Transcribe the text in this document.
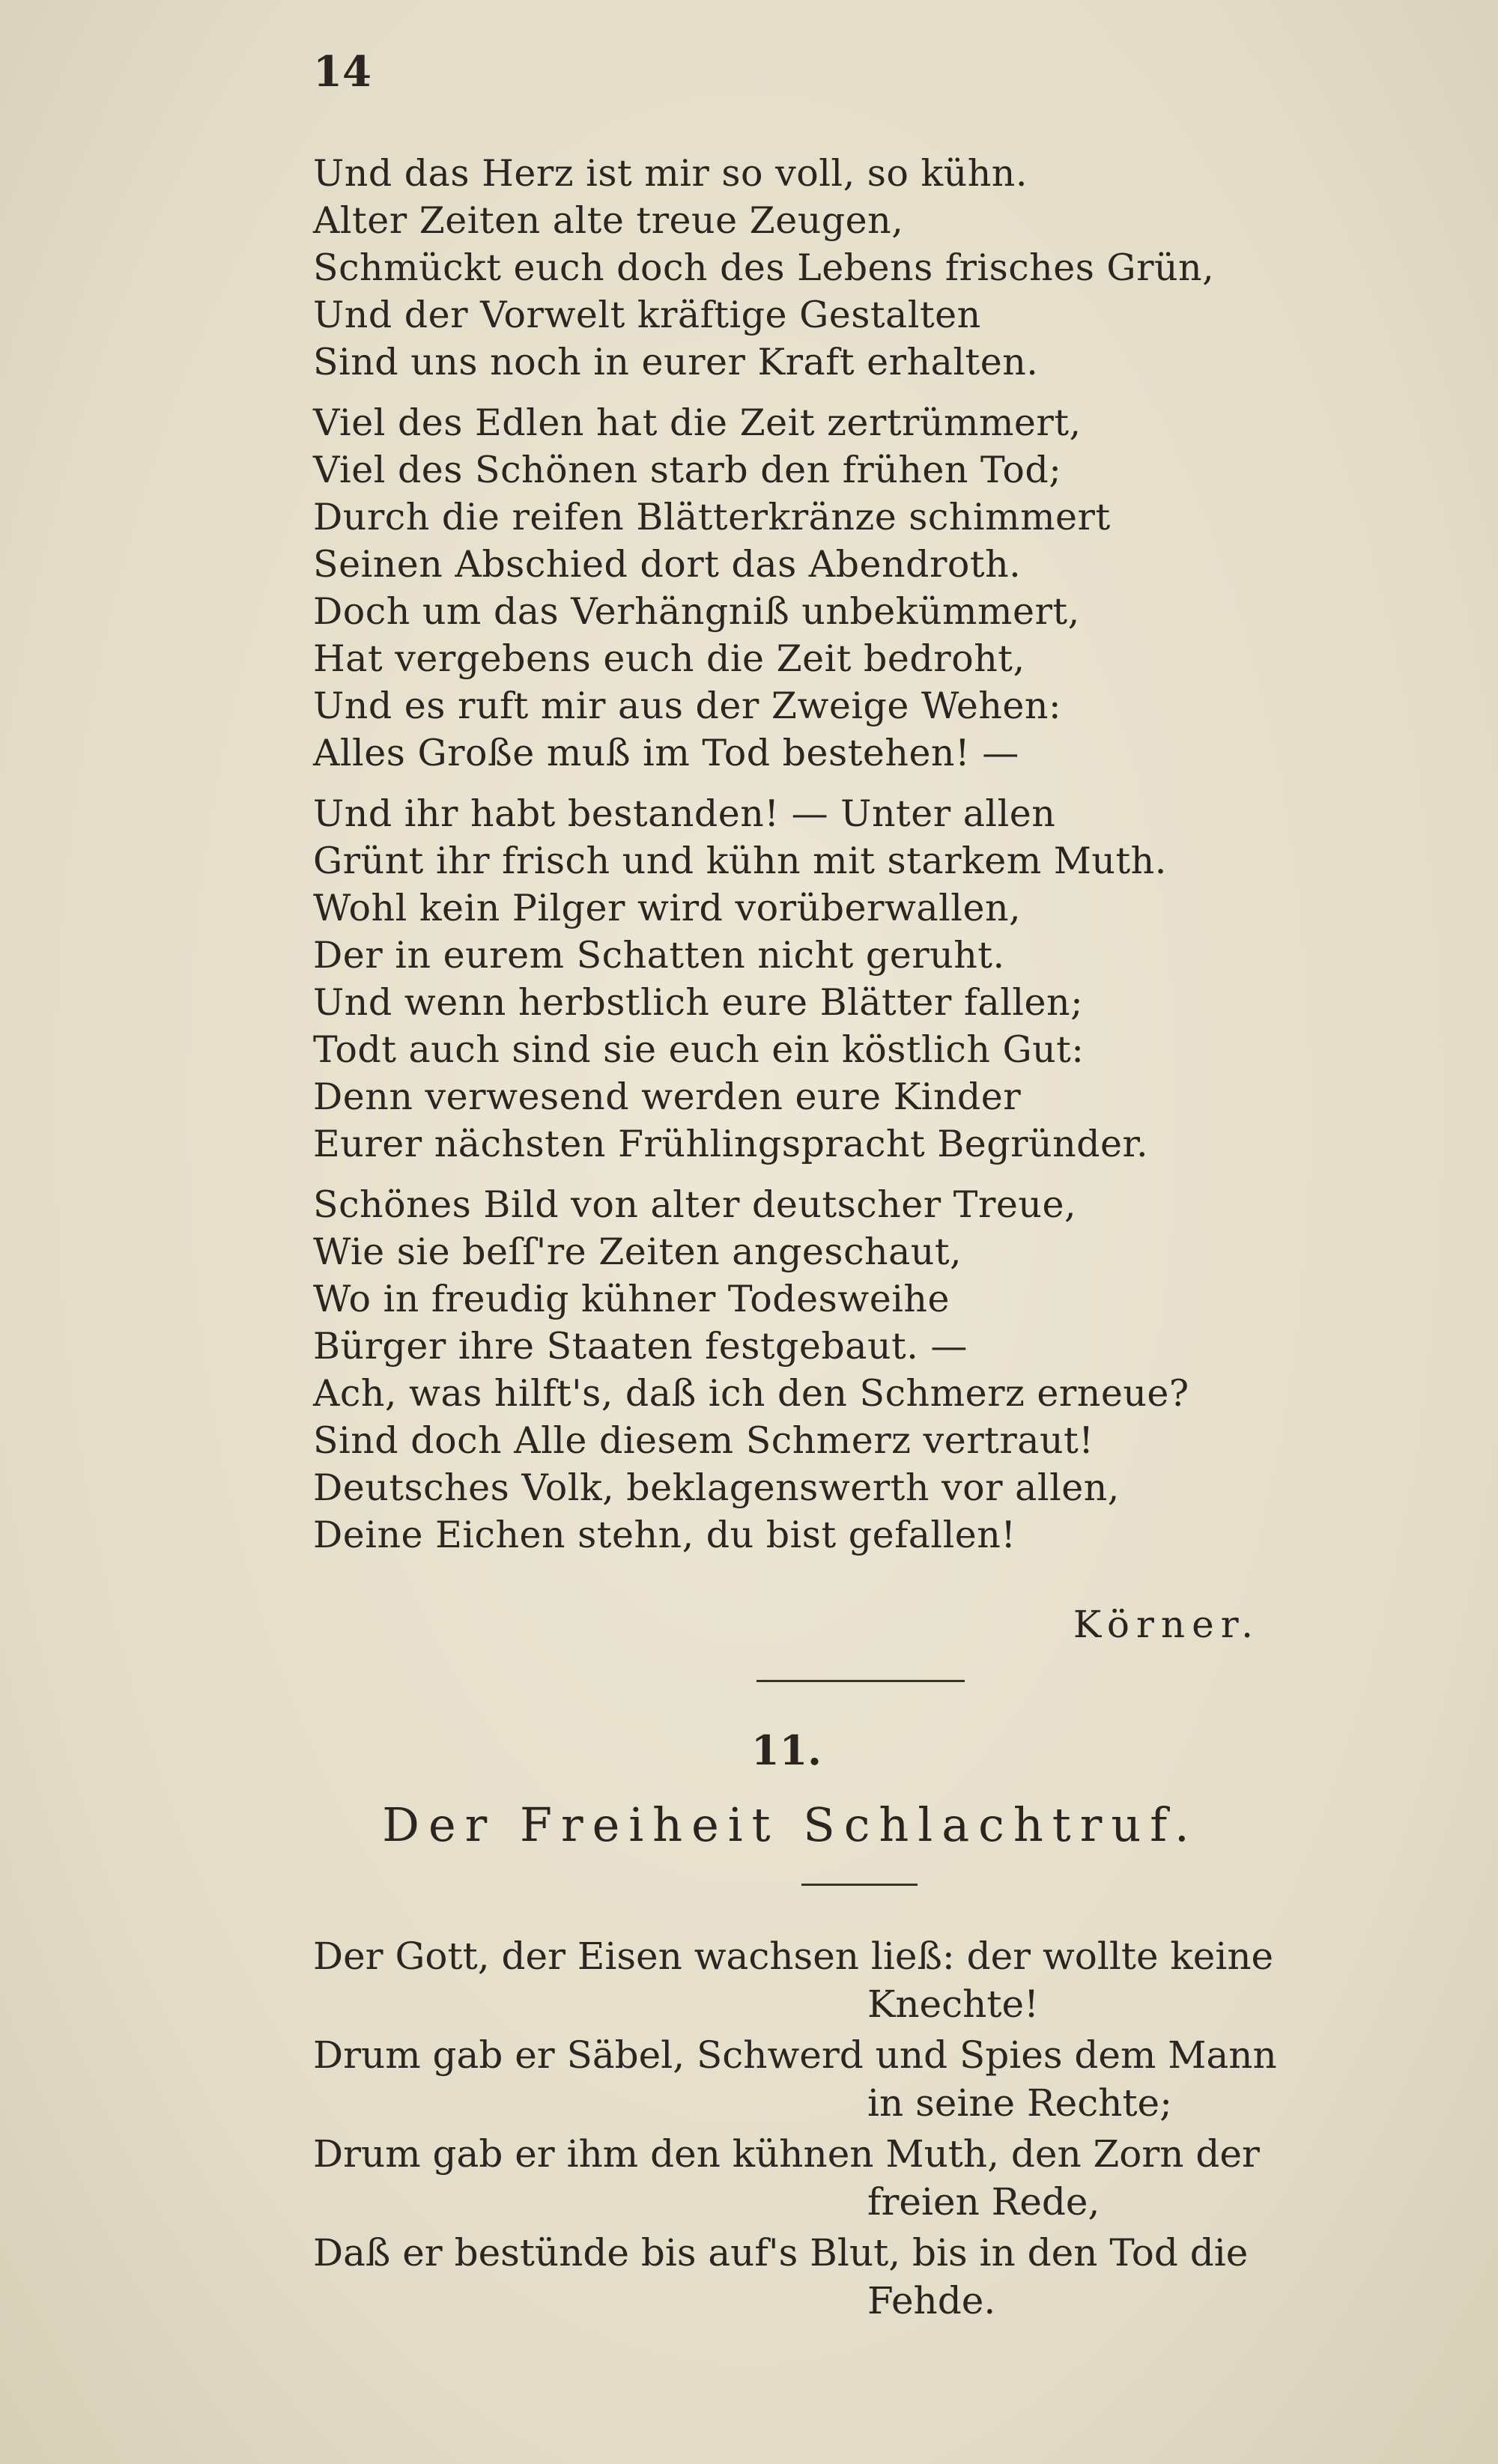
14
Und das Herz ist mir so voll, so kühn.
Alter Zeiten alte treue Zeugen,
Schmückt euch doch des Lebens frisches Grün,
Und der Vorwelt kräftige Gestalten
Sind uns noch in eurer Kraft erhalten.
Viel des Edlen hat die Zeit zertrümmert,
Viel des Schönen starb den frühen Tod;
Durch die reifen Blätterkränze schimmert
Seinen Abschied dort das Abendroth.
Doch um das Verhängniß unbekümmert,
Hat vergebens euch die Zeit bedroht,
Und es ruft mir aus der Zweige Wehen:
Alles Große muß im Tod bestehen! —
Und ihr habt bestanden! — Unter allen
Grünt ihr frisch und kühn mit starkem Muth.
Wohl kein Pilger wird vorüberwallen,
Der in eurem Schatten nicht geruht.
Und wenn herbstlich eure Blätter fallen;
Todt auch sind sie euch ein köstlich Gut:
Denn verwesend werden eure Kinder
Eurer nächsten Frühlingspracht Begründer.
Schönes Bild von alter deutscher Treue,
Wie sie beſſ're Zeiten angeschaut,
Wo in freudig kühner Todesweihe
Bürger ihre Staaten festgebaut. —
Ach, was hilft's, daß ich den Schmerz erneue?
Sind doch Alle diesem Schmerz vertraut!
Deutsches Volk, beklagenswerth vor allen,
Deine Eichen stehn, du bist gefallen!
Körner.
11.
Der Freiheit Schlachtruf.
Der Gott, der Eisen wachsen ließ: der wollte keine
Knechte!
Drum gab er Säbel, Schwerd und Spies dem Mann
in seine Rechte;
Drum gab er ihm den kühnen Muth, den Zorn der
freien Rede,
Daß er bestünde bis auf's Blut, bis in den Tod die
Fehde.
